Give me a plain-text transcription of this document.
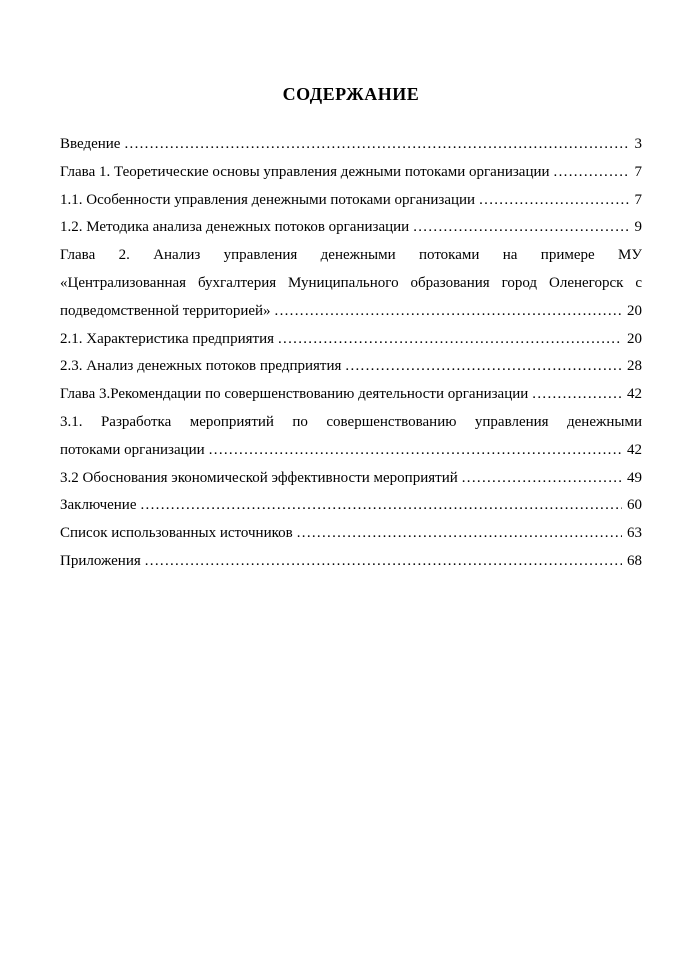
СОДЕРЖАНИЕ
Введение .....	3
Глава 1. Теоретические основы управления дежными потоками организации .....	7
1.1. Особенности управления денежными потоками организации .....	7
1.2. Методика анализа денежных потоков организации .....	9
Глава 2. Анализ управления денежными потоками на примере МУ
«Централизованная бухгалтерия Муниципального образования город Оленегорск с
подведомственной территорией» .....	20
2.1. Характеристика предприятия .....	20
2.3. Анализ денежных потоков предприятия .....	28
Глава 3.Рекомендации по совершенствованию деятельности организации .....	42
3.1. Разработка мероприятий по совершенствованию управления денежными
потоками организации .....	42
3.2 Обоснования экономической эффективности мероприятий .....	49
Заключение .....	60
Список использованных источников .....	63
Приложения .....	68
